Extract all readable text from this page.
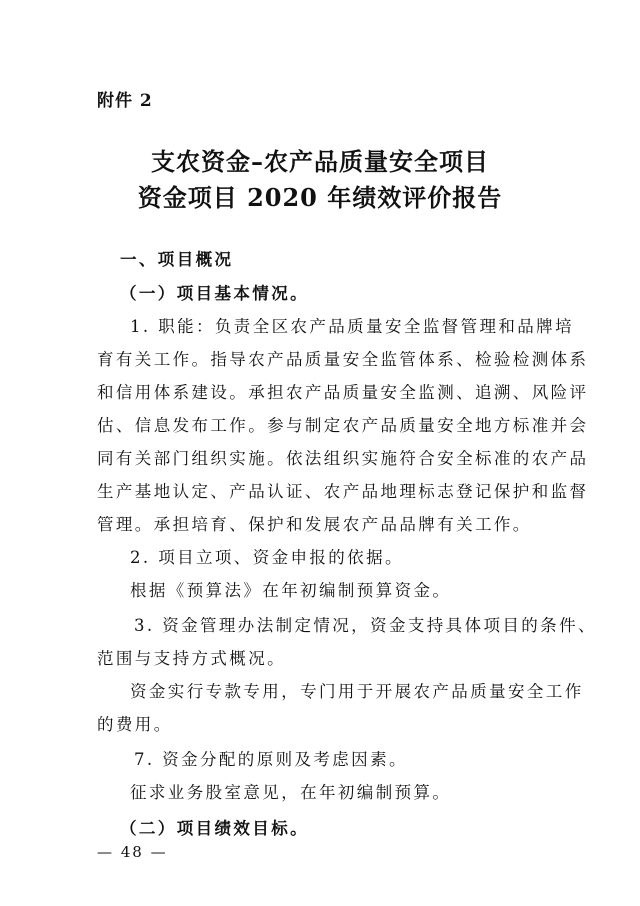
附件 2
支农资金–农产品质量安全项目
资金项目 2020 年绩效评价报告
一、项目概况
（一）项目基本情况。
1. 职能：负责全区农产品质量安全监督管理和品牌培
育有关工作。指导农产品质量安全监管体系、检验检测体系
和信用体系建设。承担农产品质量安全监测、追溯、风险评
估、信息发布工作。参与制定农产品质量安全地方标准并会
同有关部门组织实施。依法组织实施符合安全标准的农产品
生产基地认定、产品认证、农产品地理标志登记保护和监督
管理。承担培育、保护和发展农产品品牌有关工作。
2. 项目立项、资金申报的依据。
根据《预算法》在年初编制预算资金。
3. 资金管理办法制定情况，资金支持具体项目的条件、
范围与支持方式概况。
资金实行专款专用，专门用于开展农产品质量安全工作
的费用。
7. 资金分配的原则及考虑因素。
征求业务股室意见，在年初编制预算。
（二）项目绩效目标。
— 48 —
